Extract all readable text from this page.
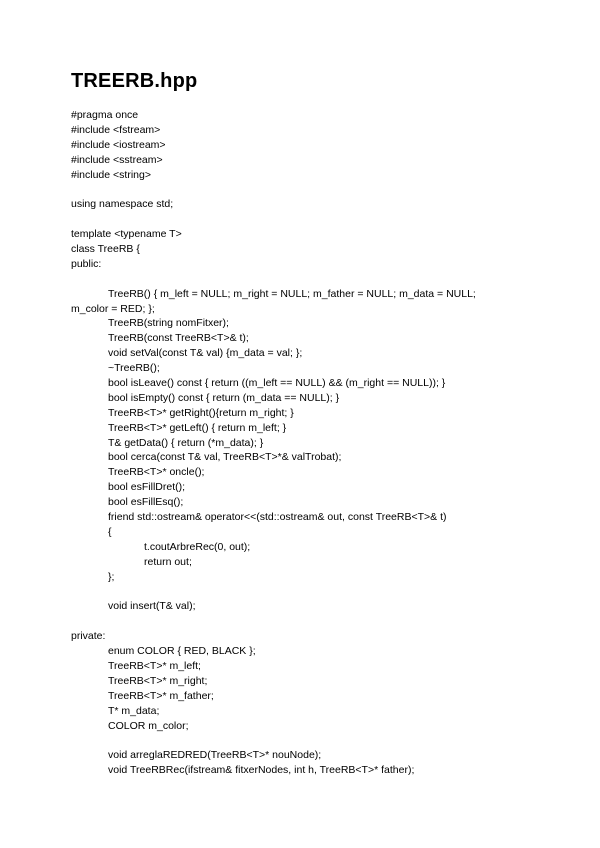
TREERB.hpp
#pragma once
#include <fstream>
#include <iostream>
#include <sstream>
#include <string>
using namespace std;
template <typename T>
class TreeRB {
public:
TreeRB() { m_left = NULL; m_right = NULL; m_father = NULL; m_data = NULL;
m_color = RED; };
TreeRB(string nomFitxer);
TreeRB(const TreeRB<T>& t);
void setVal(const T& val) {m_data = val; };
~TreeRB();
bool isLeave() const { return ((m_left == NULL) && (m_right == NULL)); }
bool isEmpty() const { return (m_data == NULL); }
TreeRB<T>* getRight(){return m_right; }
TreeRB<T>* getLeft() { return m_left; }
T& getData() { return (*m_data); }
bool cerca(const T& val, TreeRB<T>*& valTrobat);
TreeRB<T>* oncle();
bool esFillDret();
bool esFillEsq();
friend std::ostream& operator<<(std::ostream& out, const TreeRB<T>& t)
{
t.coutArbreRec(0, out);
return out;
};
void insert(T& val);
private:
enum COLOR { RED, BLACK };
TreeRB<T>* m_left;
TreeRB<T>* m_right;
TreeRB<T>* m_father;
T* m_data;
COLOR m_color;
void arreglaREDRED(TreeRB<T>* nouNode);
void TreeRBRec(ifstream& fitxerNodes, int h, TreeRB<T>* father);
